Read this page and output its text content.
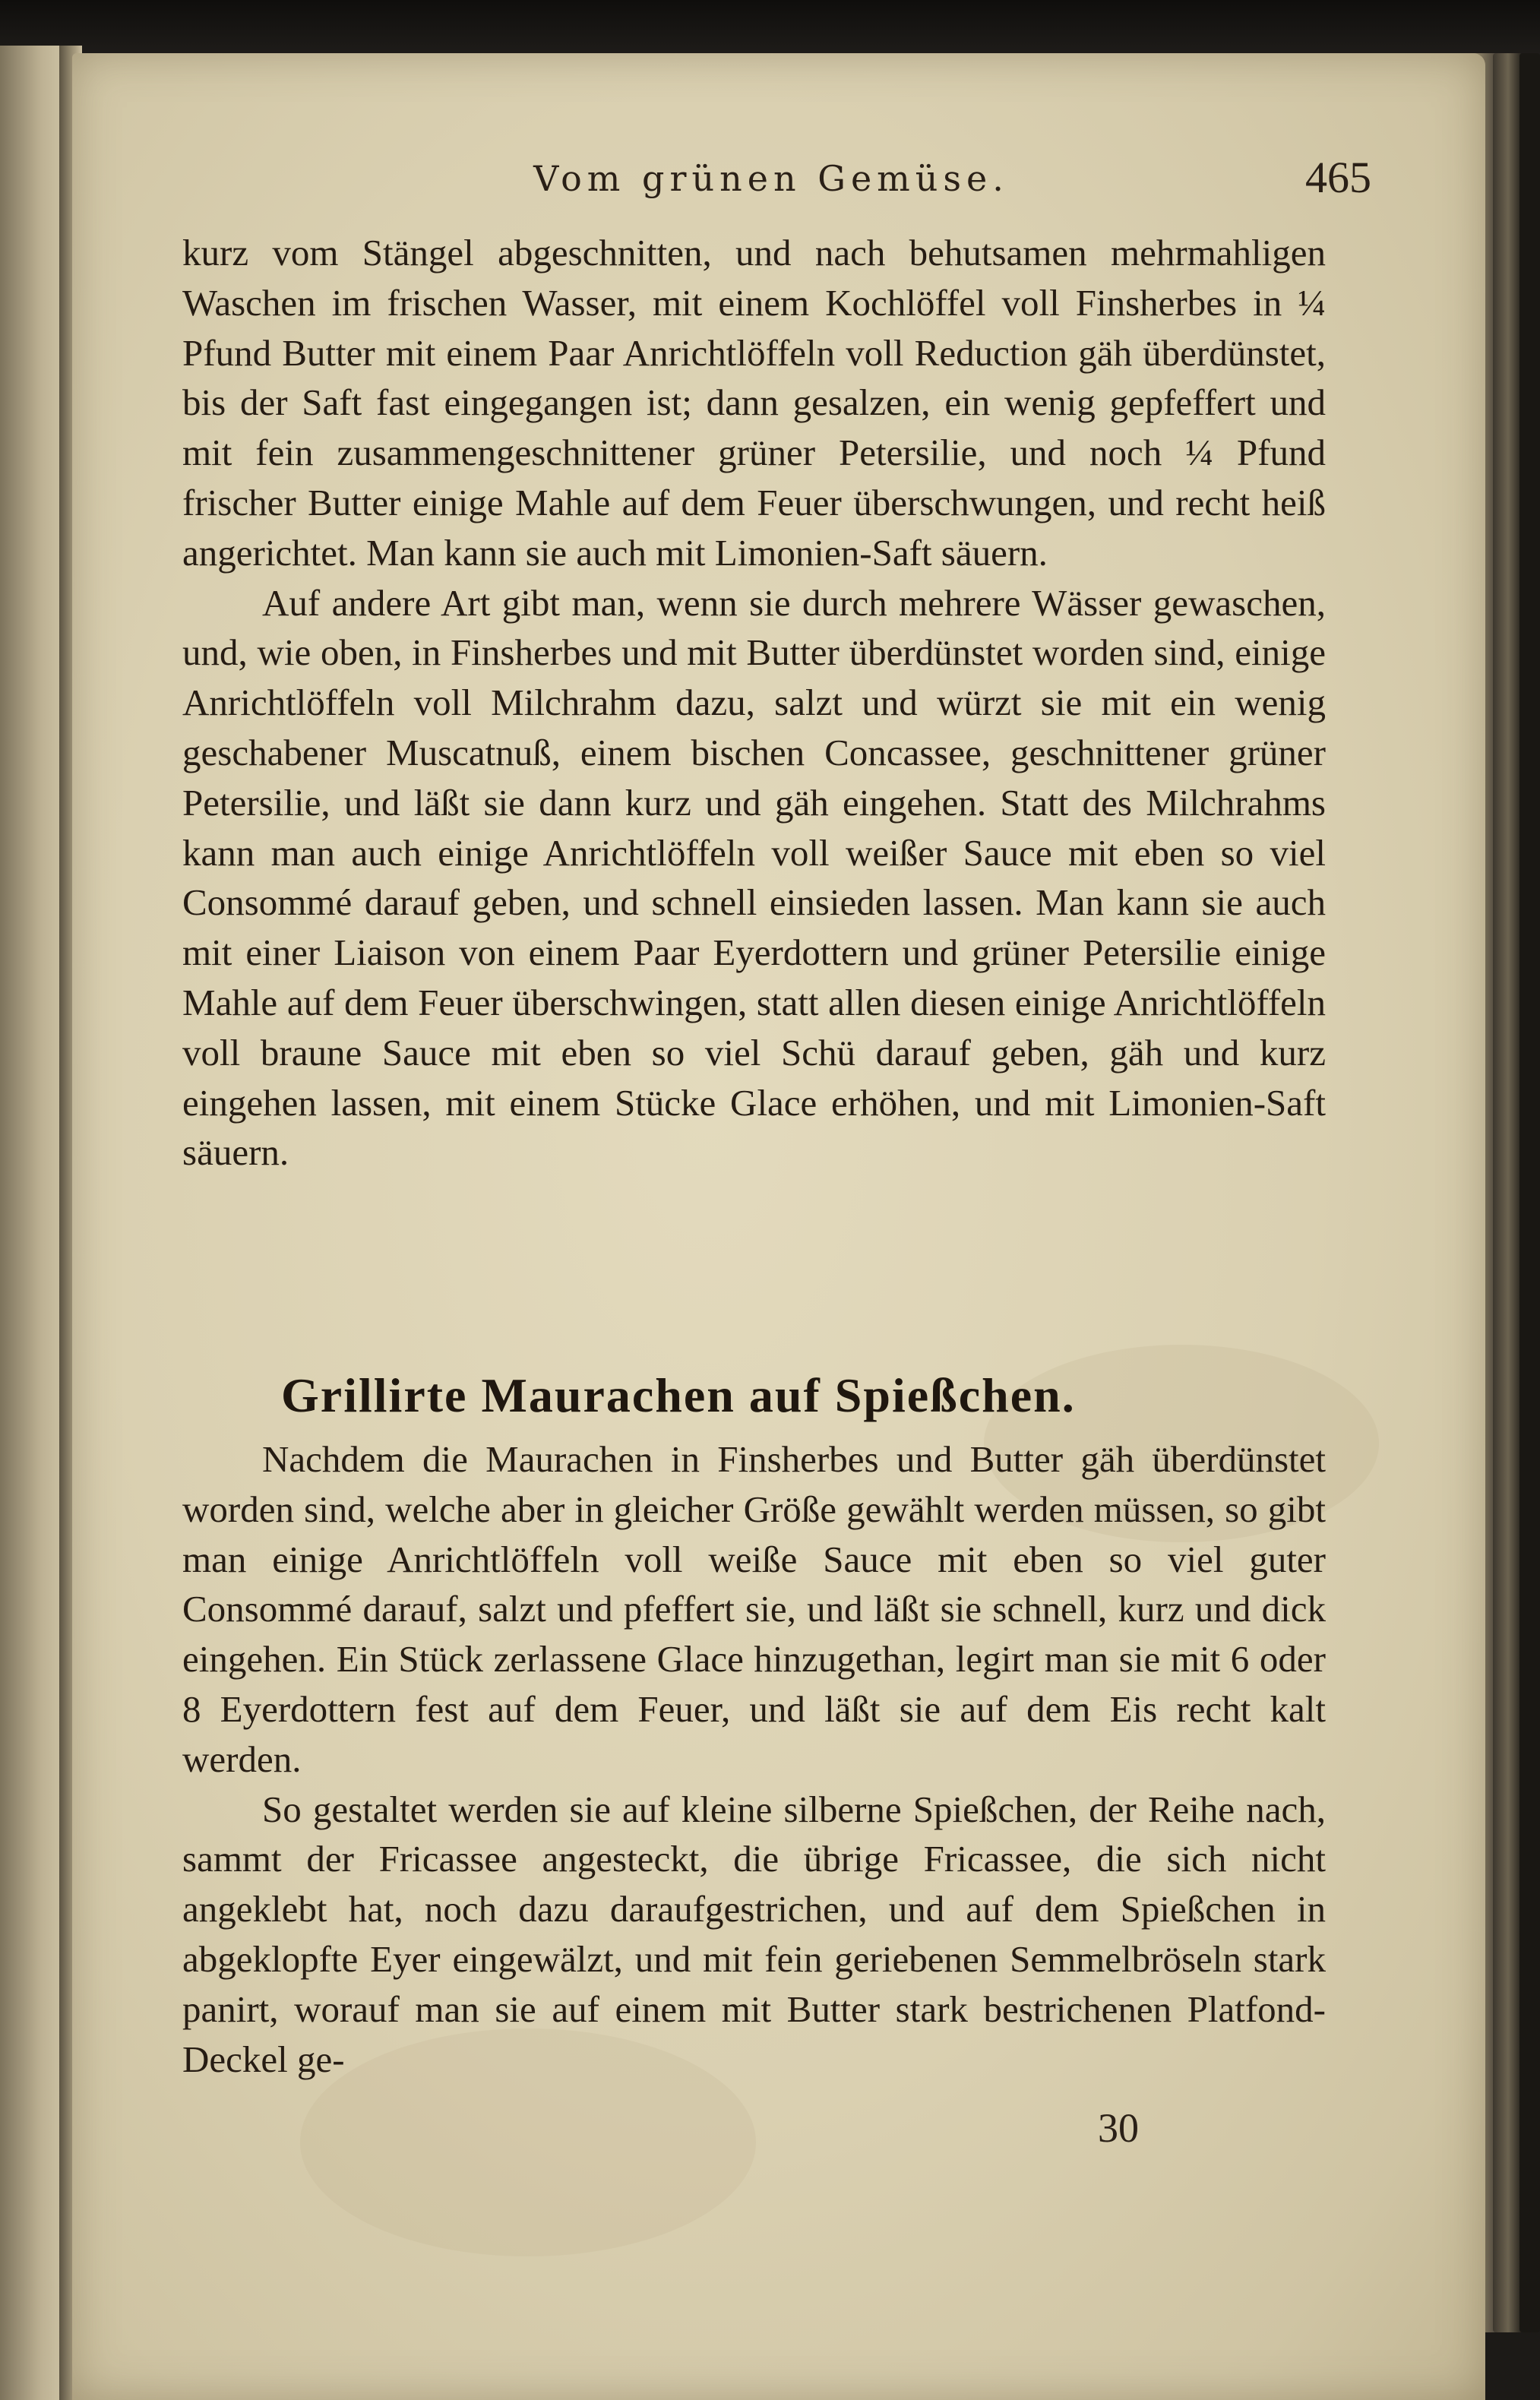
Vom grünen Gemüse.	465

kurz vom Stängel abgeschnitten, und nach behutsamen mehrmahligen Waschen im frischen Wasser, mit einem Kochlöffel voll Finsherbes in ¼ Pfund Butter mit einem Paar Anrichtlöffeln voll Reduction gäh überdünstet, bis der Saft fast eingegangen ist; dann gesalzen, ein wenig gepfeffert und mit fein zusammengeschnittener grüner Petersilie, und noch ¼ Pfund frischer Butter einige Mahle auf dem Feuer überschwungen, und recht heiß angerichtet. Man kann sie auch mit Limonien-Saft säuern.

Auf andere Art gibt man, wenn sie durch mehrere Wässer gewaschen, und, wie oben, in Finsherbes und mit Butter überdünstet worden sind, einige Anrichtlöffeln voll Milchrahm dazu, salzt und würzt sie mit ein wenig geschabener Muscatnuß, einem bischen Concassee, geschnittener grüner Petersilie, und läßt sie dann kurz und gäh eingehen. Statt des Milchrahms kann man auch einige Anrichtlöffeln voll weißer Sauce mit eben so viel Consommé darauf geben, und schnell einsieden lassen. Man kann sie auch mit einer Liaison von einem Paar Eyerdottern und grüner Petersilie einige Mahle auf dem Feuer überschwingen, statt allen diesen einige Anrichtlöffeln voll braune Sauce mit eben so viel Schü darauf geben, gäh und kurz eingehen lassen, mit einem Stücke Glace erhöhen, und mit Limonien-Saft säuern.

Grillirte Maurachen auf Spießchen.

Nachdem die Maurachen in Finsherbes und Butter gäh überdünstet worden sind, welche aber in gleicher Größe gewählt werden müssen, so gibt man einige Anrichtlöffeln voll weiße Sauce mit eben so viel guter Consommé darauf, salzt und pfeffert sie, und läßt sie schnell, kurz und dick eingehen. Ein Stück zerlassene Glace hinzugethan, legirt man sie mit 6 oder 8 Eyerdottern fest auf dem Feuer, und läßt sie auf dem Eis recht kalt werden.

So gestaltet werden sie auf kleine silberne Spießchen, der Reihe nach, sammt der Fricassee angesteckt, die übrige Fricassee, die sich nicht angeklebt hat, noch dazu daraufgestrichen, und auf dem Spießchen in abgeklopfte Eyer eingewälzt, und mit fein geriebenen Semmelbröseln stark panirt, worauf man sie auf einem mit Butter stark bestrichenen Platfond-Deckel ge-

30
